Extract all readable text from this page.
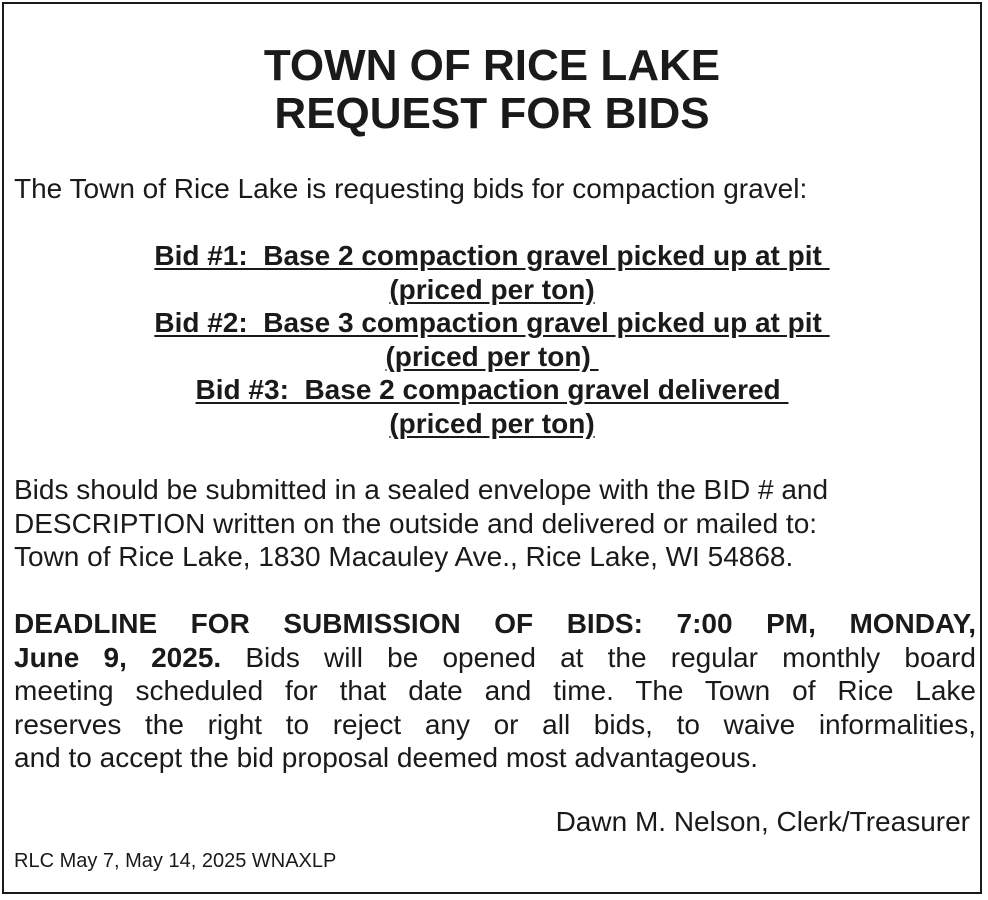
TOWN OF RICE LAKE
REQUEST FOR BIDS

The Town of Rice Lake is requesting bids for compaction gravel:

Bid #1:  Base 2 compaction gravel picked up at pit
(priced per ton)
Bid #2:  Base 3 compaction gravel picked up at pit
(priced per ton)
Bid #3:  Base 2 compaction gravel delivered
(priced per ton)

Bids should be submitted in a sealed envelope with the BID # and
DESCRIPTION written on the outside and delivered or mailed to:
Town of Rice Lake, 1830 Macauley Ave., Rice Lake, WI 54868.

DEADLINE FOR SUBMISSION OF BIDS: 7:00 PM, MONDAY,
June 9, 2025. Bids will be opened at the regular monthly board
meeting scheduled for that date and time. The Town of Rice Lake
reserves the right to reject any or all bids, to waive informalities,
and to accept the bid proposal deemed most advantageous.

Dawn M. Nelson, Clerk/Treasurer

RLC May 7, May 14, 2025 WNAXLP
